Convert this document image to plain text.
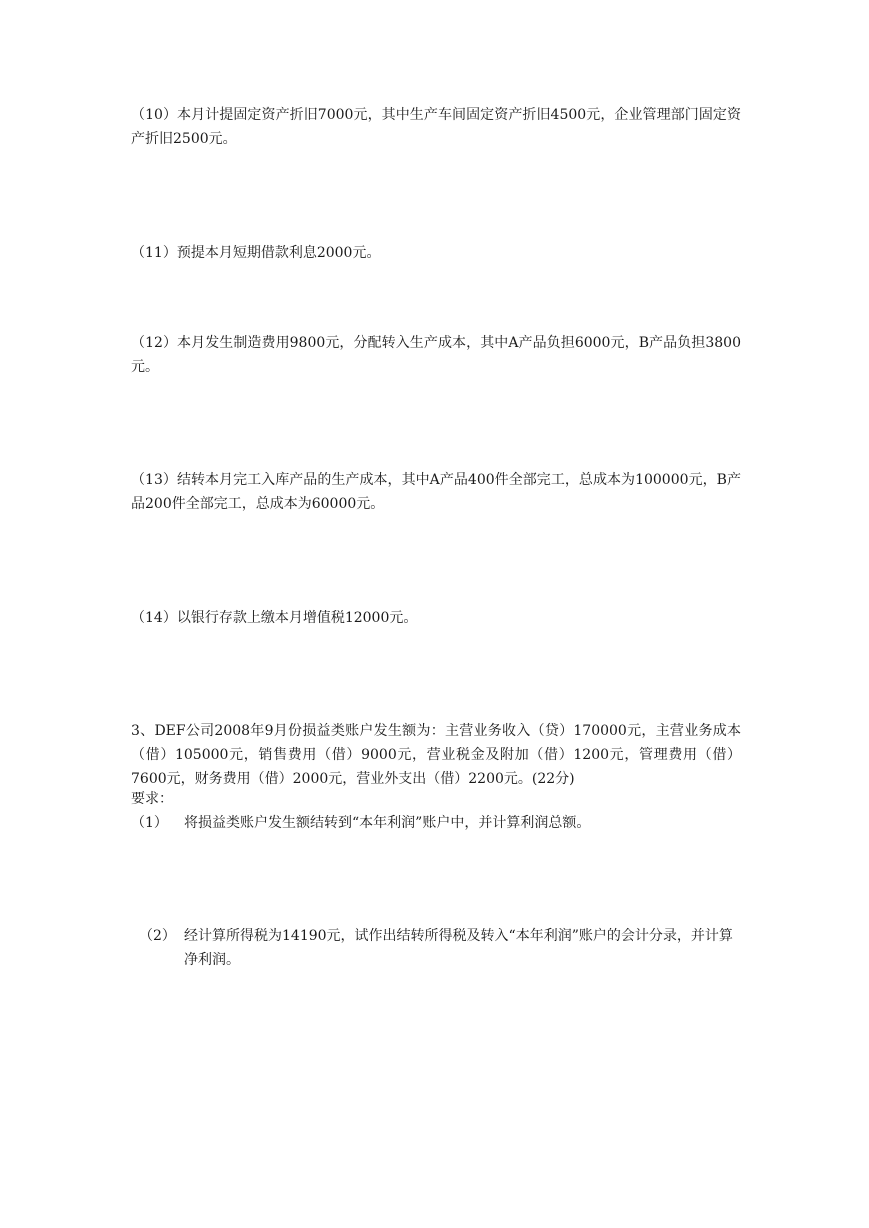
（10）本月计提固定资产折旧7000元，其中生产车间固定资产折旧4500元，企业管理部门固定资产折旧2500元。

（11）预提本月短期借款利息2000元。

（12）本月发生制造费用9800元，分配转入生产成本，其中A产品负担6000元，B产品负担3800元。

（13）结转本月完工入库产品的生产成本，其中A产品400件全部完工，总成本为100000元，B产品200件全部完工，总成本为60000元。

（14）以银行存款上缴本月增值税12000元。

3、DEF公司2008年9月份损益类账户发生额为：主营业务收入（贷）170000元，主营业务成本（借）105000元，销售费用（借）9000元，营业税金及附加（借）1200元，管理费用（借）7600元，财务费用（借）2000元，营业外支出（借）2200元。(22分)

要求：
（1） 将损益类账户发生额结转到“本年利润”账户中，并计算利润总额。
（2） 经计算所得税为14190元，试作出结转所得税及转入“本年利润”账户的会计分录，并计算净利润。
